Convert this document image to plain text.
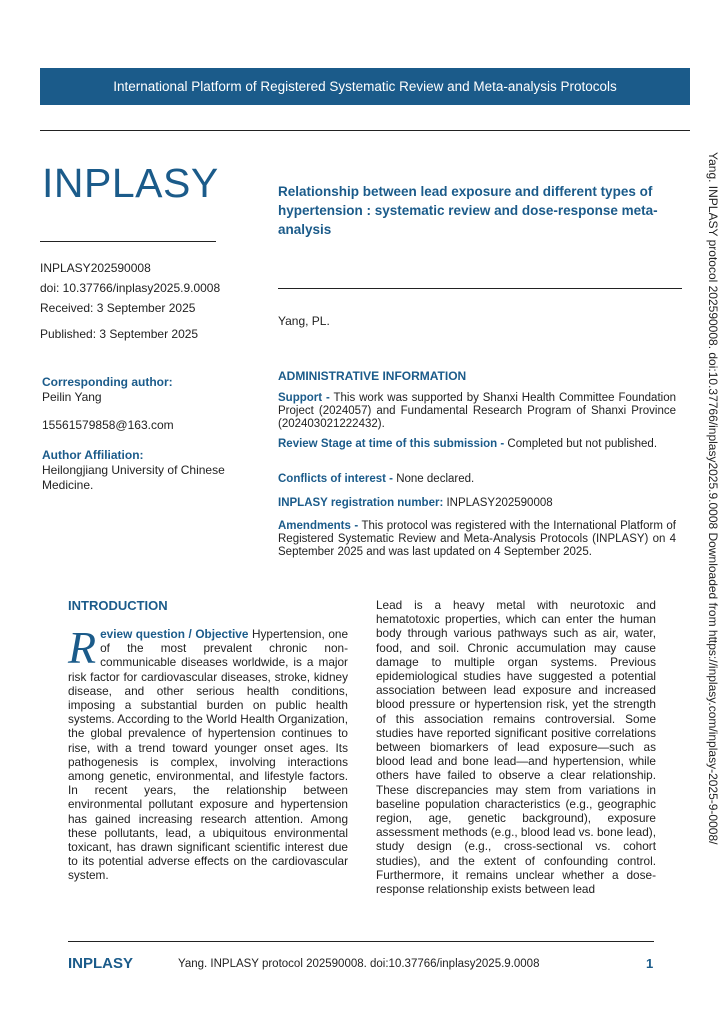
International Platform of Registered Systematic Review and Meta-analysis Protocols
INPLASY	Relationship between lead exposure and different types of hypertension : systematic review and dose-response meta-analysis
INPLASY202590008
doi: 10.37766/inplasy2025.9.0008
Received: 3 September 2025
Published: 3 September 2025
Yang, PL.
Corresponding author:
Peilin Yang
15561579858@163.com
Author Affiliation:
Heilongjiang University of Chinese Medicine.
ADMINISTRATIVE INFORMATION
Support - This work was supported by Shanxi Health Committee Foundation Project (2024057) and Fundamental Research Program of Shanxi Province (202403021222432).
Review Stage at time of this submission - Completed but not published.
Conflicts of interest - None declared.
INPLASY registration number: INPLASY202590008
Amendments - This protocol was registered with the International Platform of Registered Systematic Review and Meta-Analysis Protocols (INPLASY) on 4 September 2025 and was last updated on 4 September 2025.
INTRODUCTION
Review question / Objective Hypertension, one of the most prevalent chronic non-communicable diseases worldwide, is a major risk factor for cardiovascular diseases, stroke, kidney disease, and other serious health conditions, imposing a substantial burden on public health systems. According to the World Health Organization, the global prevalence of hypertension continues to rise, with a trend toward younger onset ages. Its pathogenesis is complex, involving interactions among genetic, environmental, and lifestyle factors. In recent years, the relationship between environmental pollutant exposure and hypertension has gained increasing research attention. Among these pollutants, lead, a ubiquitous environmental toxicant, has drawn significant scientific interest due to its potential adverse effects on the cardiovascular system.
Lead is a heavy metal with neurotoxic and hematotoxic properties, which can enter the human body through various pathways such as air, water, food, and soil. Chronic accumulation may cause damage to multiple organ systems. Previous epidemiological studies have suggested a potential association between lead exposure and increased blood pressure or hypertension risk, yet the strength of this association remains controversial. Some studies have reported significant positive correlations between biomarkers of lead exposure—such as blood lead and bone lead—and hypertension, while others have failed to observe a clear relationship. These discrepancies may stem from variations in baseline population characteristics (e.g., geographic region, age, genetic background), exposure assessment methods (e.g., blood lead vs. bone lead), study design (e.g., cross-sectional vs. cohort studies), and the extent of confounding control. Furthermore, it remains unclear whether a dose-response relationship exists between lead
Yang. INPLASY protocol 202590008. doi:10.37766/inplasy2025.9.0008 Downloaded from https://inplasy.com/inplasy-2025-9-0008/
INPLASY	Yang. INPLASY protocol 202590008. doi:10.37766/inplasy2025.9.0008	1
